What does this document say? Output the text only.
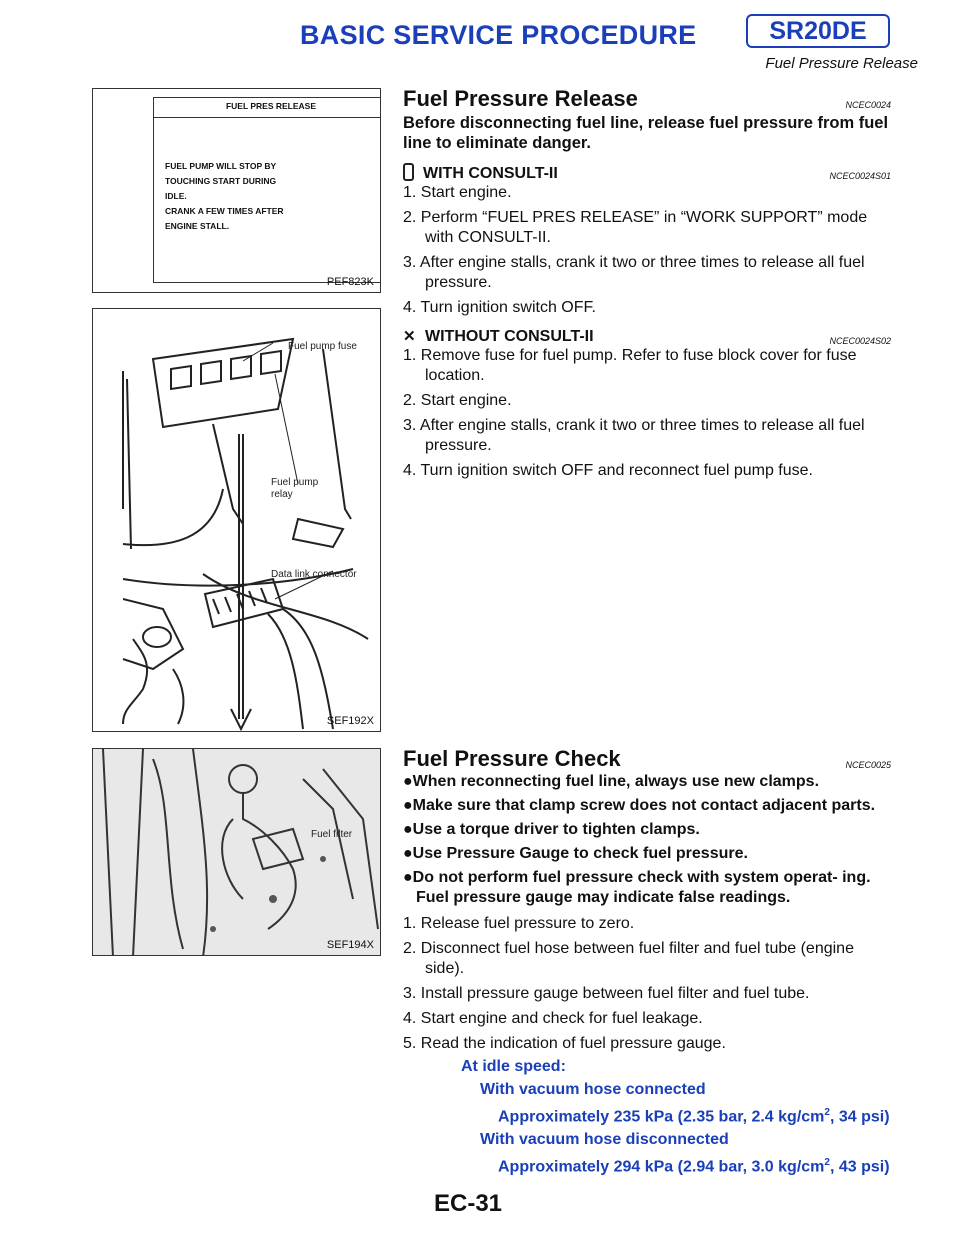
BASIC SERVICE PROCEDURE	SR20DE
Fuel Pressure Release
FUEL PRES RELEASE
FUEL PUMP WILL STOP BY
TOUCHING START DURING
IDLE.
CRANK A FEW TIMES AFTER
ENGINE STALL.
PEF823K
Fuel pump fuse
Fuel pump
relay
Data link connector
SEF192X
Fuel filter
SEF194X
Fuel Pressure Release	NCEC0024
Before disconnecting fuel line, release fuel pressure from fuel line to eliminate danger.
WITH CONSULT-II	NCEC0024S01
1. Start engine.
2. Perform “FUEL PRES RELEASE” in “WORK SUPPORT” mode with CONSULT-II.
3. After engine stalls, crank it two or three times to release all fuel pressure.
4. Turn ignition switch OFF.
✕ WITHOUT CONSULT-II	NCEC0024S02
1. Remove fuse for fuel pump. Refer to fuse block cover for fuse location.
2. Start engine.
3. After engine stalls, crank it two or three times to release all fuel pressure.
4. Turn ignition switch OFF and reconnect fuel pump fuse.
Fuel Pressure Check	NCEC0025
●When reconnecting fuel line, always use new clamps.
●Make sure that clamp screw does not contact adjacent parts.
●Use a torque driver to tighten clamps.
●Use Pressure Gauge to check fuel pressure.
●Do not perform fuel pressure check with system operat- ing. Fuel pressure gauge may indicate false readings.
1. Release fuel pressure to zero.
2. Disconnect fuel hose between fuel filter and fuel tube (engine side).
3. Install pressure gauge between fuel filter and fuel tube.
4. Start engine and check for fuel leakage.
5. Read the indication of fuel pressure gauge.
At idle speed:
With vacuum hose connected
Approximately 235 kPa (2.35 bar, 2.4 $kg/cm^2$, 34 psi)
With vacuum hose disconnected
Approximately 294 kPa (2.94 bar, 3.0 $kg/cm^2$, 43 psi)
EC-31
